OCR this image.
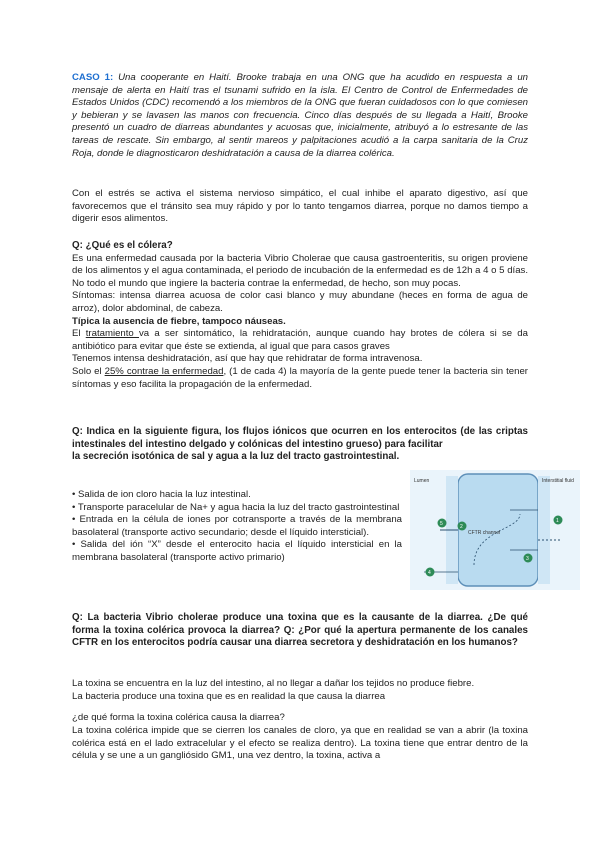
CASO 1: Una cooperante en Haití. Brooke trabaja en una ONG que ha acudido en respuesta a un mensaje de alerta en Haití tras el tsunami sufrido en la isla. El Centro de Control de Enfermedades de Estados Unidos (CDC) recomendó a los miembros de la ONG que fueran cuidadosos con lo que comiesen y bebieran y se lavasen las manos con frecuencia. Cinco días después de su llegada a Haití, Brooke presentó un cuadro de diarreas abundantes y acuosas que, inicialmente, atribuyó a lo estresante de las tareas de rescate. Sin embargo, al sentir mareos y palpitaciones acudió a la carpa sanitaria de la Cruz Roja, donde le diagnosticaron deshidratación a causa de la diarrea colérica.

Con el estrés se activa el sistema nervioso simpático, el cual inhibe el aparato digestivo, así que favorecemos que el tránsito sea muy rápido y por lo tanto tengamos diarrea, porque no damos tiempo a digerir esos alimentos.

Q: ¿Qué es el cólera?
Es una enfermedad causada por la bacteria Vibrio Cholerae que causa gastroenteritis, su origen proviene de los alimentos y el agua contaminada, el periodo de incubación de la enfermedad es de 12h a 4 o 5 días. No todo el mundo que ingiere la bacteria contrae la enfermedad, de hecho, son muy pocas.
Síntomas: intensa diarrea acuosa de color casi blanco y muy abundane (heces en forma de agua de arroz), dolor abdominal, de cabeza.
Típica la ausencia de fiebre, tampoco náuseas.
El tratamiento va a ser sintomático, la rehidratación, aunque cuando hay brotes de cólera si se da antibiótico para evitar que éste se extienda, al igual que para casos graves
Tenemos intensa deshidratación, así que hay que rehidratar de forma intravenosa.
Solo el 25% contrae la enfermedad, (1 de cada 4) la mayoría de la gente puede tener la bacteria sin tener síntomas y eso facilita la propagación de la enfermedad.
Q: Indica en la siguiente figura, los flujos iónicos que ocurren en los enterocitos (de las criptas intestinales del intestino delgado y colónicas del intestino grueso) para facilitar
la secreción isotónica de sal y agua a la luz del tracto gastrointestinal.
• Salida de ion cloro hacia la luz intestinal.
• Transporte paracelular de Na+ y agua hacia la luz del tracto gastrointestinal
• Entrada en la célula de iones por cotransporte a través de la membrana basolateral (transporte activo secundario; desde el líquido intersticial).
• Salida del ión “X” desde el enterocito hacia el líquido intersticial en la membrana basolateral (transporte activo primario)
Lumen	Interstitial fluid
CFTR channel
5	2
1
3
4

Q: La bacteria Vibrio cholerae produce una toxina que es la causante de la diarrea. ¿De qué forma la toxina colérica provoca la diarrea? Q: ¿Por qué la apertura permanente de los canales CFTR en los enterocitos podría causar una diarrea secretora y deshidratación en los humanos?

La toxina se encuentra en la luz del intestino, al no llegar a dañar los tejidos no produce fiebre.

La bacteria produce una toxina que es en realidad la que causa la diarrea

¿de qué forma la toxina colérica causa la diarrea?

La toxina colérica impide que se cierren los canales de cloro, ya que en realidad se van a abrir (la toxina colérica está en el lado extracelular y el efecto se realiza dentro). La toxina tiene que entrar dentro de la célula y se une a un gangliósido GM1, una vez dentro, la toxina, activa a
